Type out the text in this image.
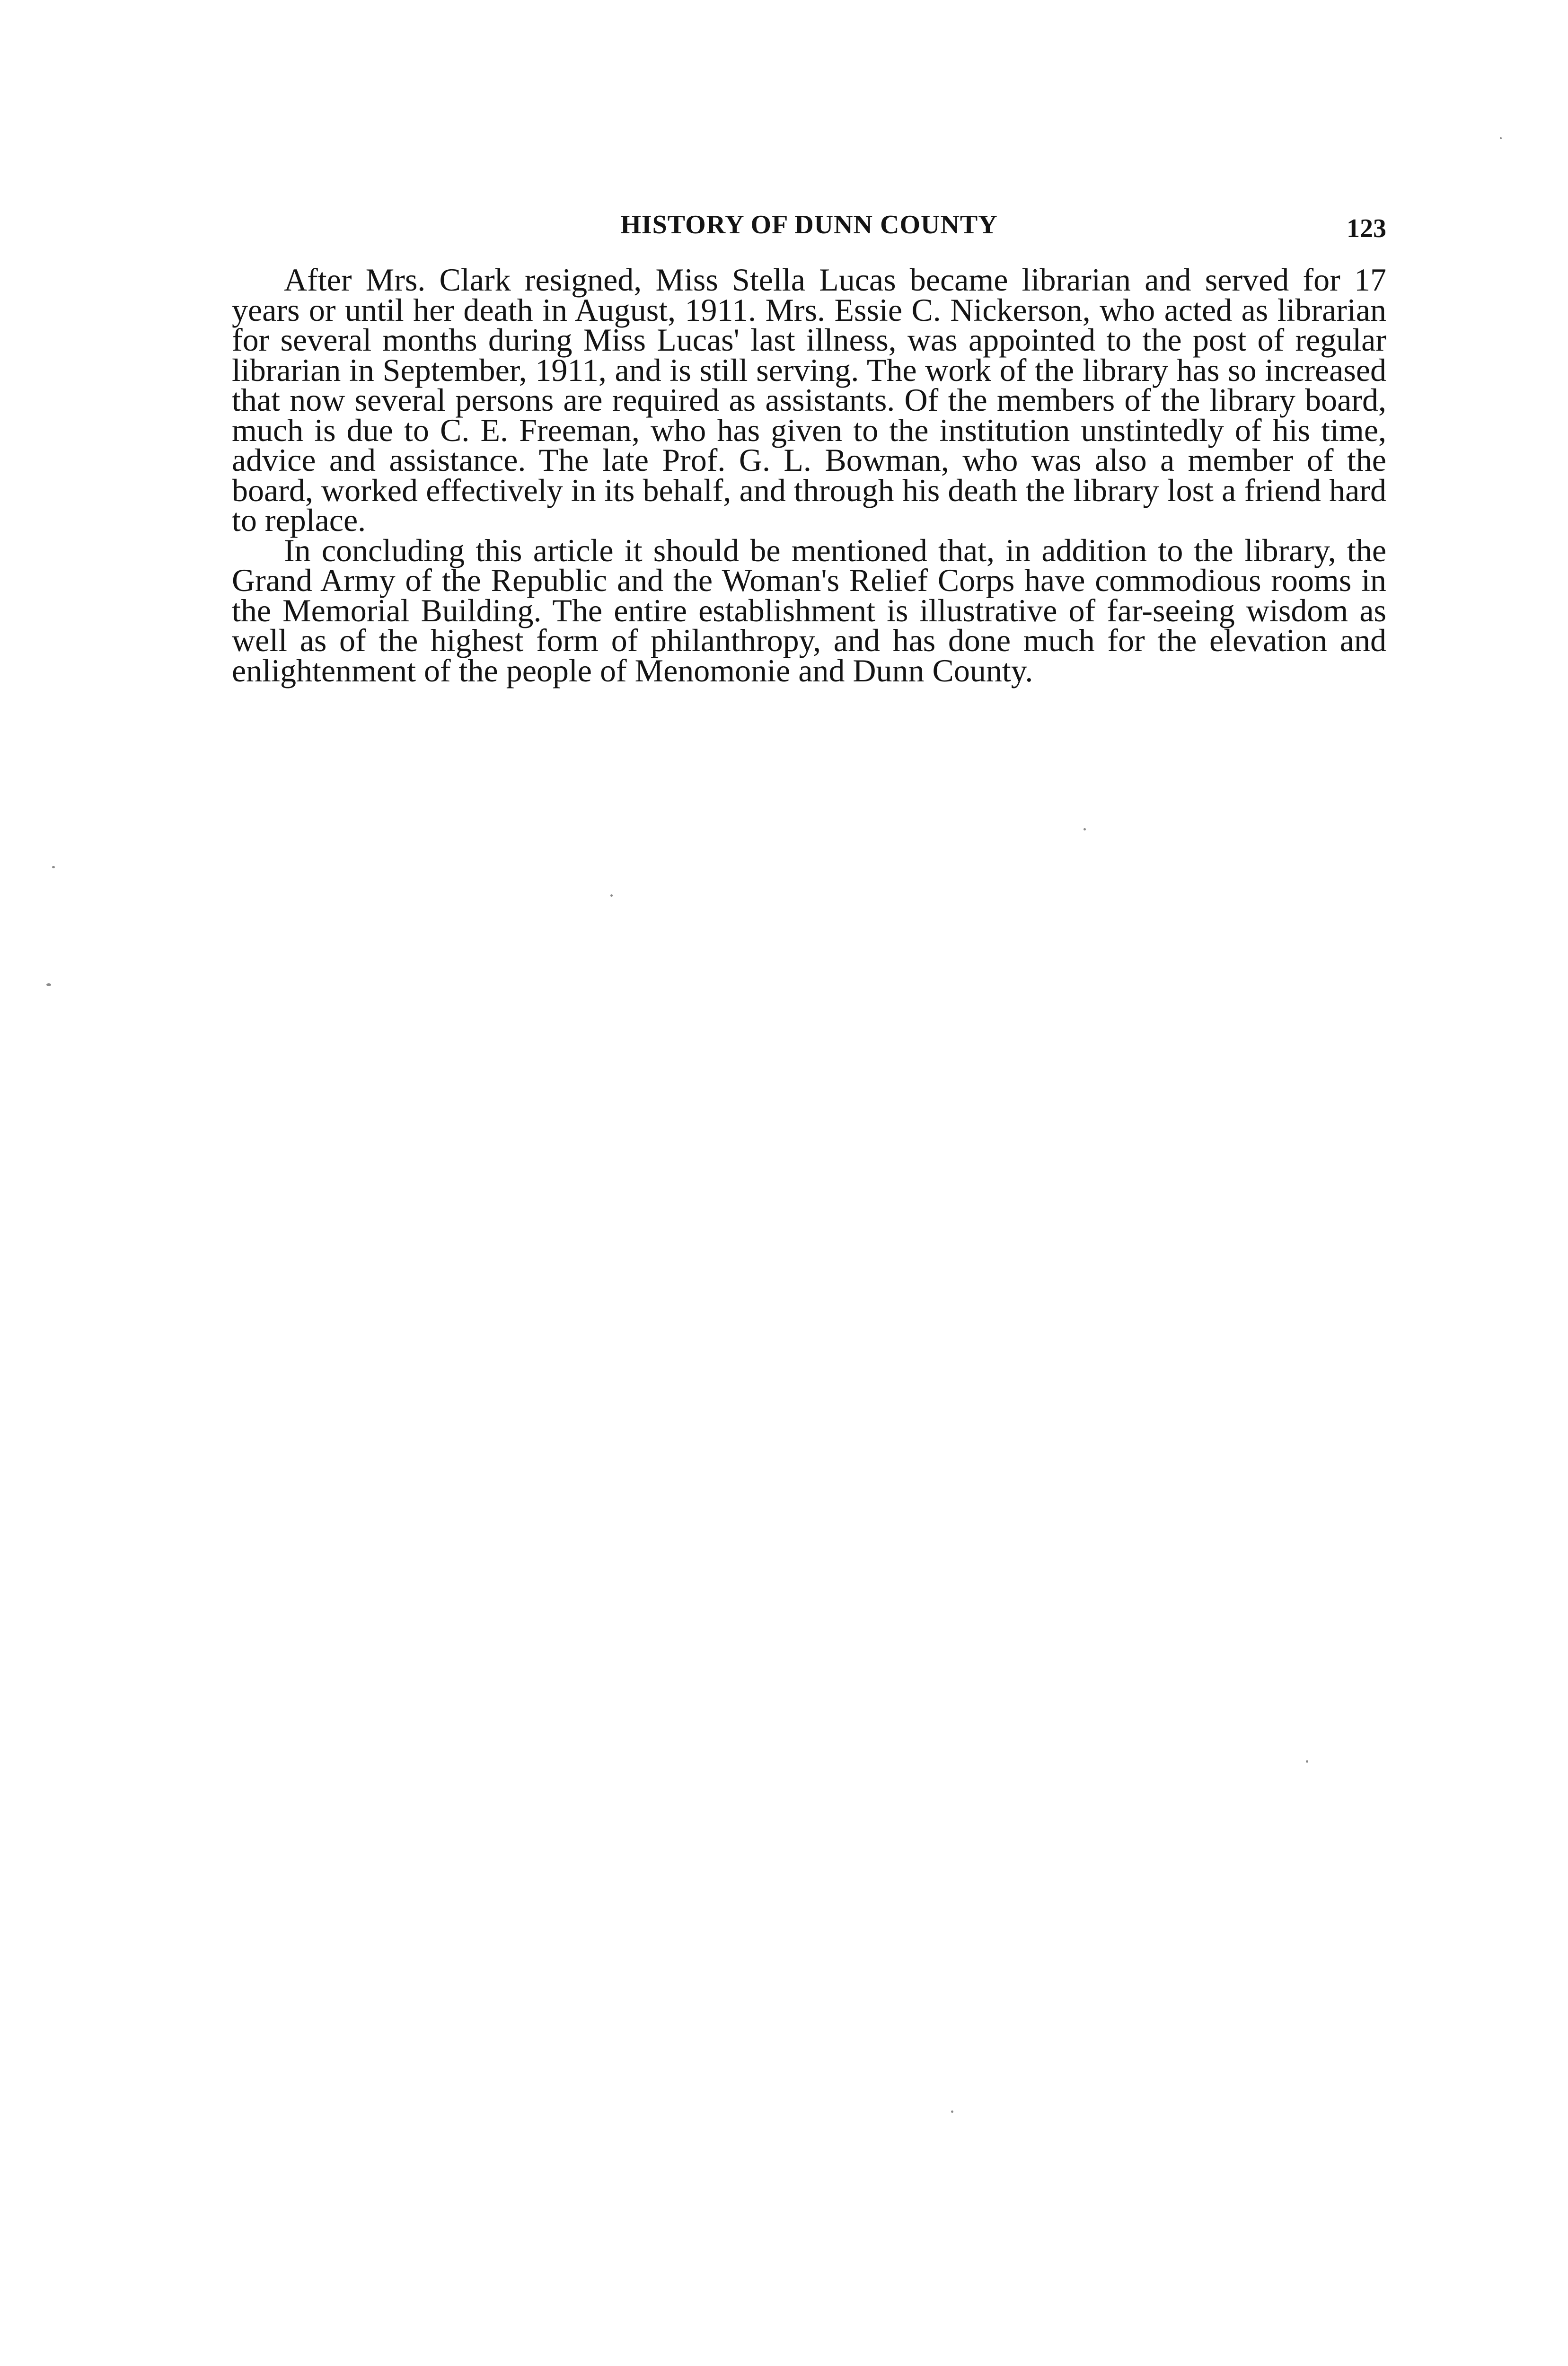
HISTORY OF DUNN COUNTY	123

After Mrs. Clark resigned, Miss Stella Lucas became librarian and served for 17 years or until her death in August, 1911. Mrs. Essie C. Nickerson, who acted as librarian for several months during Miss Lucas' last illness, was appointed to the post of regular librarian in September, 1911, and is still serving. The work of the library has so increased that now several persons are required as assistants. Of the members of the library board, much is due to C. E. Freeman, who has given to the institution unstintedly of his time, advice and assistance. The late Prof. G. L. Bowman, who was also a member of the board, worked effectively in its behalf, and through his death the library lost a friend hard to replace.

In concluding this article it should be mentioned that, in addition to the library, the Grand Army of the Republic and the Woman's Relief Corps have commodious rooms in the Memorial Building. The entire establishment is illustrative of far-seeing wisdom as well as of the highest form of philanthropy, and has done much for the elevation and enlightenment of the people of Menomonie and Dunn County.
